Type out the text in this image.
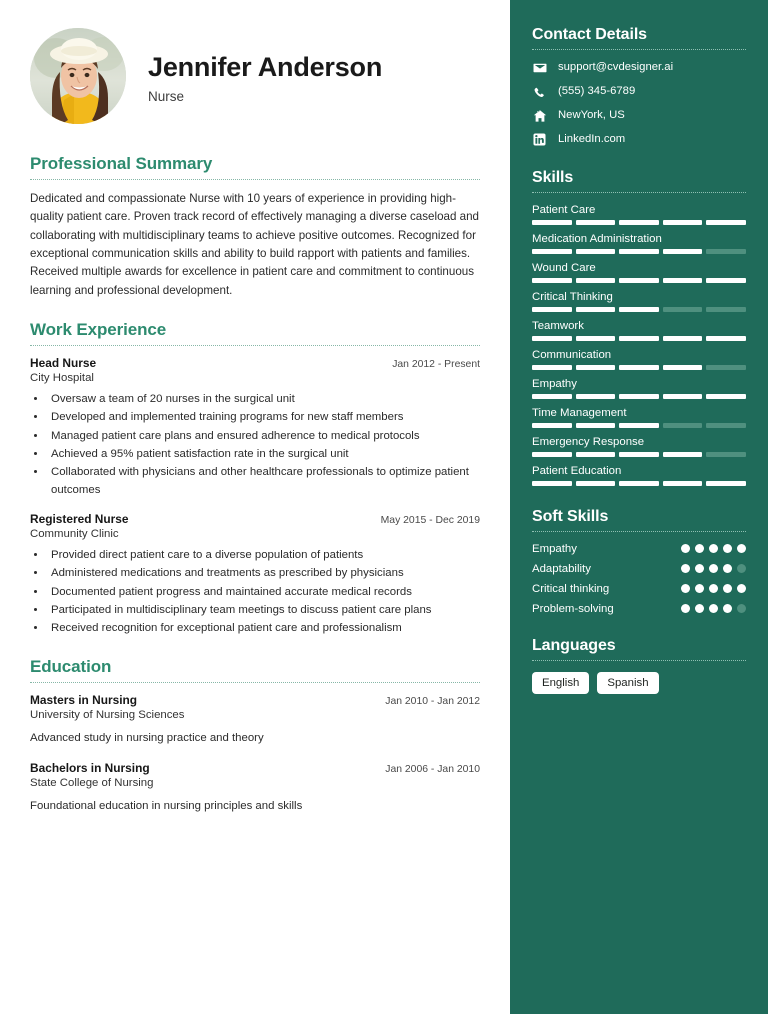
Jennifer Anderson
Nurse
Professional Summary
Dedicated and compassionate Nurse with 10 years of experience in providing high-quality patient care. Proven track record of effectively managing a diverse caseload and collaborating with multidisciplinary teams to achieve positive outcomes. Recognized for exceptional communication skills and ability to build rapport with patients and families. Received multiple awards for excellence in patient care and commitment to continuous learning and professional development.
Work Experience
Head Nurse	Jan 2012 - Present
City Hospital
• Oversaw a team of 20 nurses in the surgical unit
• Developed and implemented training programs for new staff members
• Managed patient care plans and ensured adherence to medical protocols
• Achieved a 95% patient satisfaction rate in the surgical unit
• Collaborated with physicians and other healthcare professionals to optimize patient outcomes
Registered Nurse	May 2015 - Dec 2019
Community Clinic
• Provided direct patient care to a diverse population of patients
• Administered medications and treatments as prescribed by physicians
• Documented patient progress and maintained accurate medical records
• Participated in multidisciplinary team meetings to discuss patient care plans
• Received recognition for exceptional patient care and professionalism
Education
Masters in Nursing	Jan 2010 - Jan 2012
University of Nursing Sciences
Advanced study in nursing practice and theory
Bachelors in Nursing	Jan 2006 - Jan 2010
State College of Nursing
Foundational education in nursing principles and skills
Contact Details
support@cvdesigner.ai
(555) 345-6789
NewYork, US
LinkedIn.com
Skills
Patient Care
Medication Administration
Wound Care
Critical Thinking
Teamwork
Communication
Empathy
Time Management
Emergency Response
Patient Education
Soft Skills
Empathy
Adaptability
Critical thinking
Problem-solving
Languages
English	Spanish
